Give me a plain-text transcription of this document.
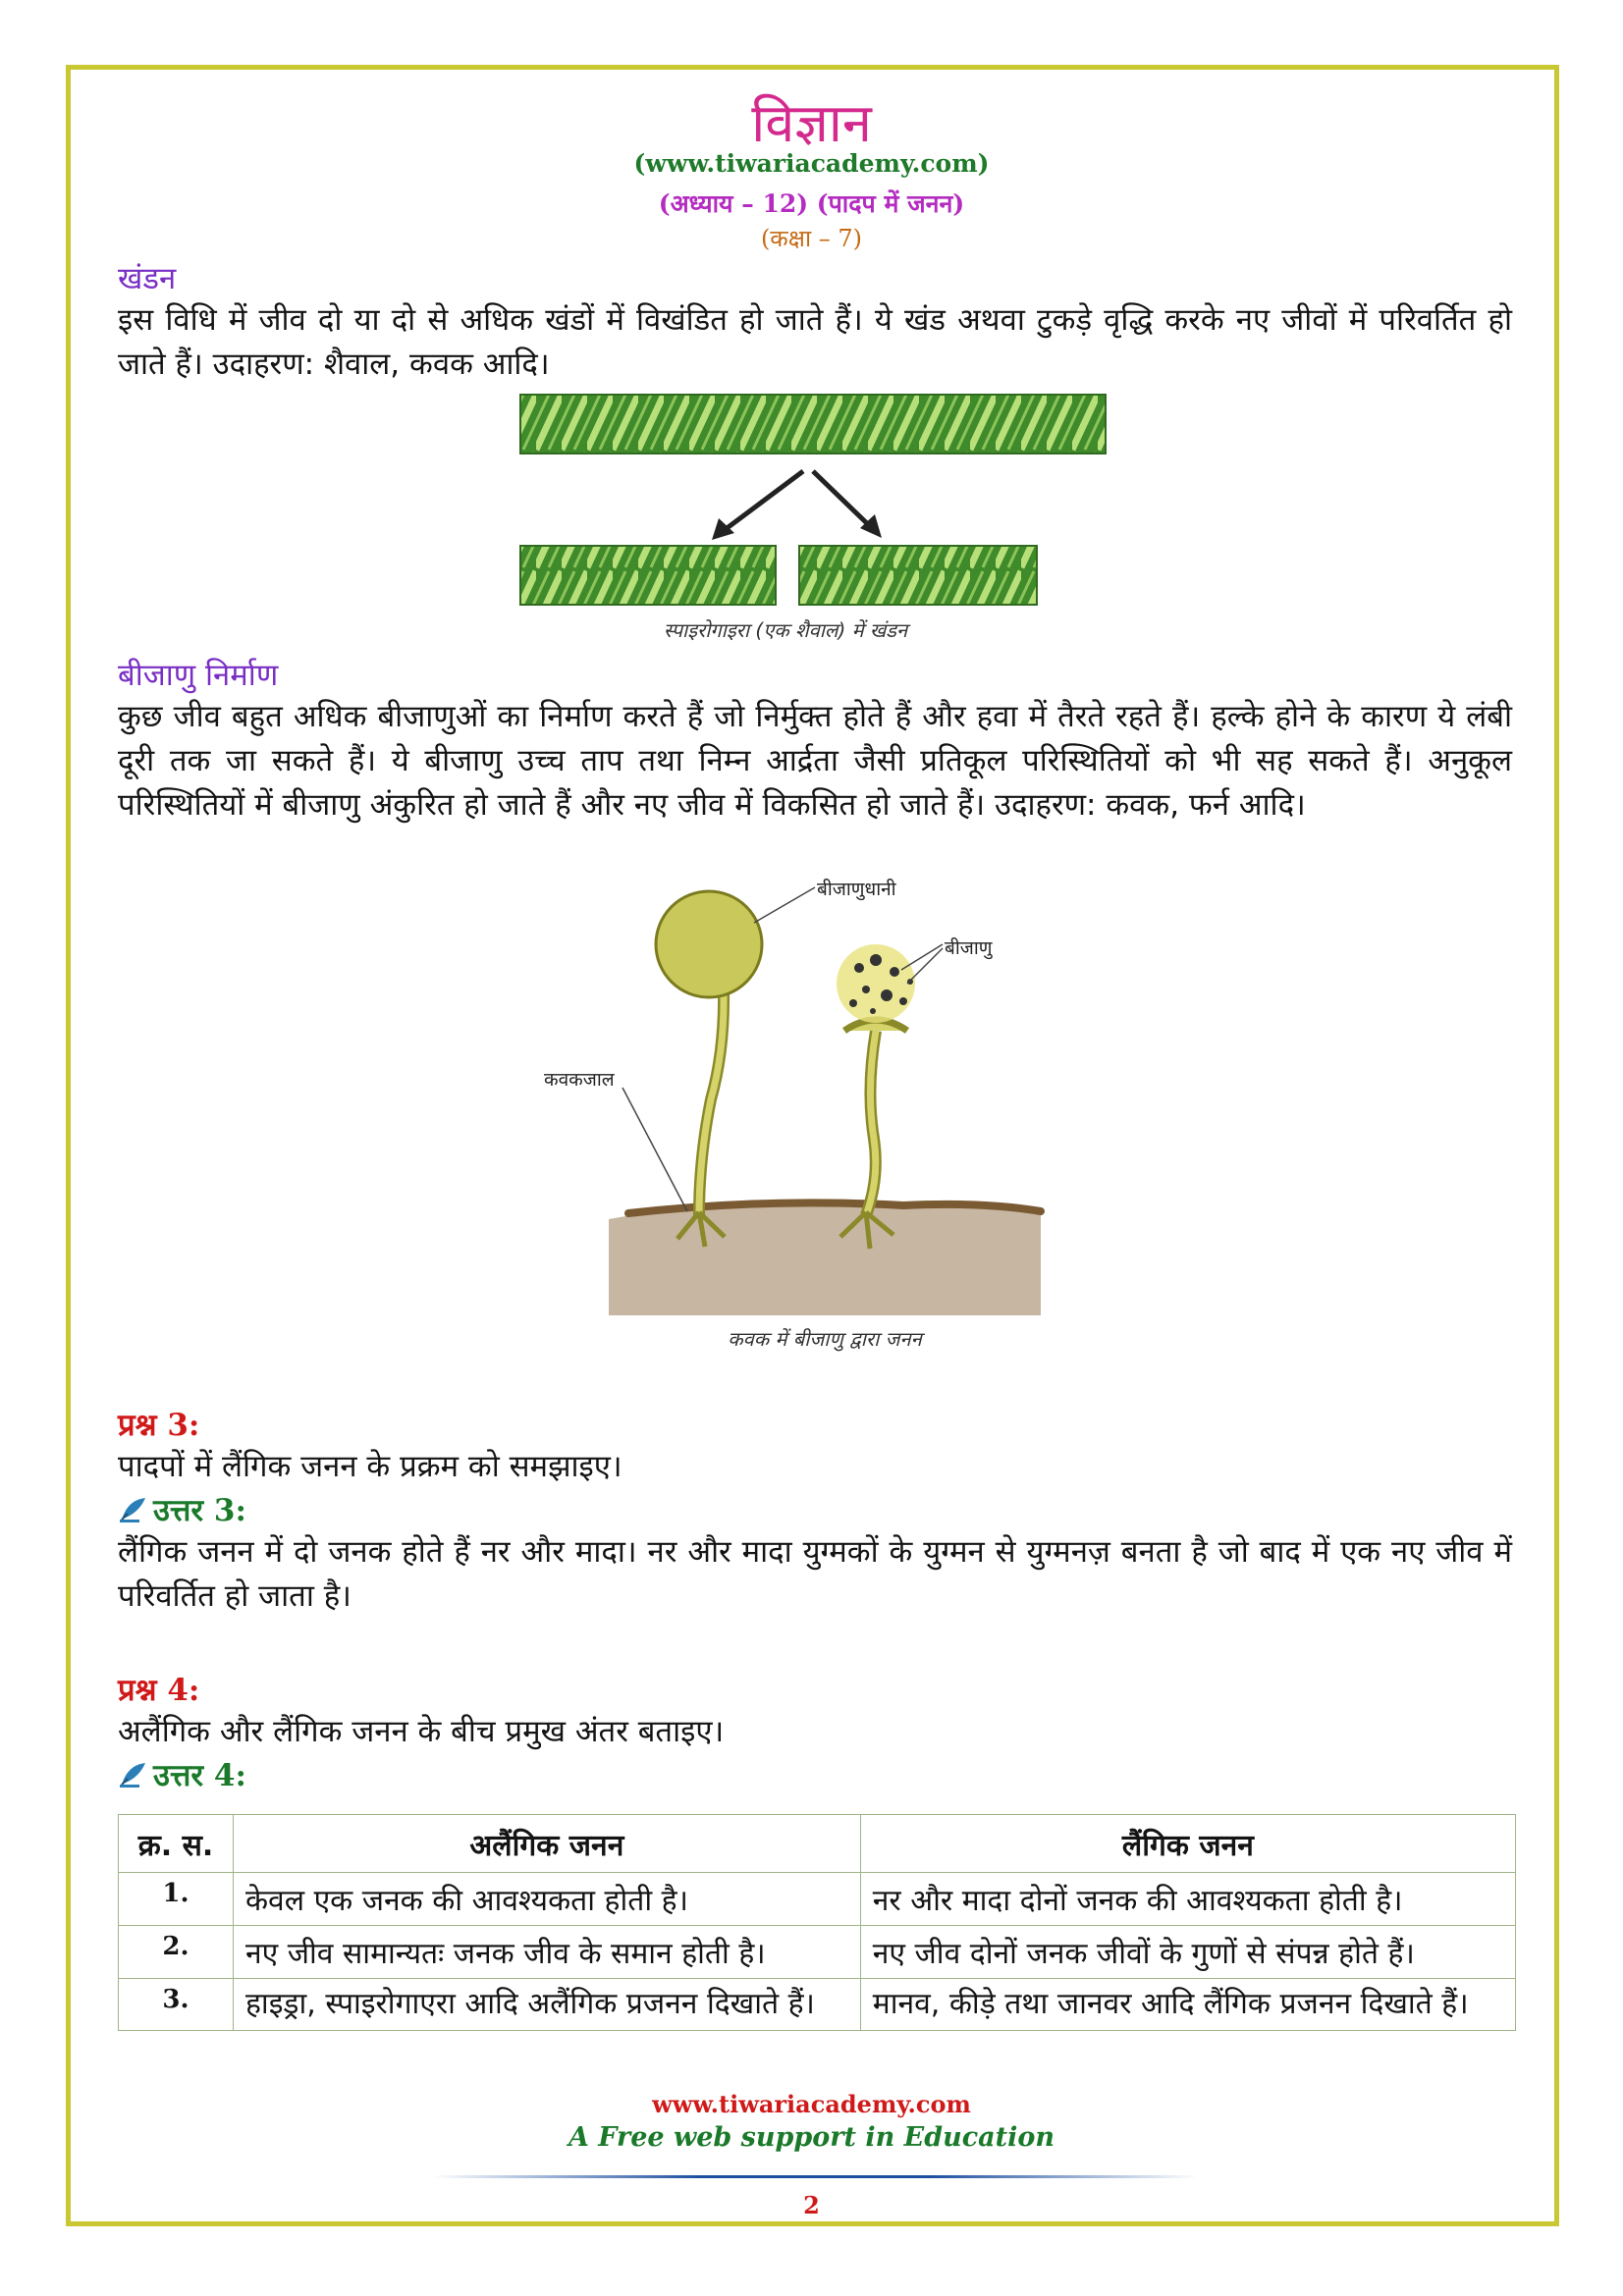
विज्ञान
(www.tiwariacademy.com)
(अध्याय – 12) (पादप में जनन)
(कक्षा – 7)
खंडन
इस विधि में जीव दो या दो से अधिक खंडों में विखंडित हो जाते हैं। ये खंड अथवा टुकड़े वृद्धि करके नए जीवों में परिवर्तित हो जाते हैं। उदाहरण: शैवाल, कवक आदि।
स्पाइरोगाइरा (एक शैवाल) में खंडन
बीजाणु निर्माण
कुछ जीव बहुत अधिक बीजाणुओं का निर्माण करते हैं जो निर्मुक्त होते हैं और हवा में तैरते रहते हैं। हल्के होने के कारण ये लंबी दूरी तक जा सकते हैं। ये बीजाणु उच्च ताप तथा निम्न आर्द्रता जैसी प्रतिकूल परिस्थितियों को भी सह सकते हैं। अनुकूल परिस्थितियों में बीजाणु अंकुरित हो जाते हैं और नए जीव में विकसित हो जाते हैं। उदाहरण: कवक, फर्न आदि।
बीजाणुधानी
बीजाणु
कवकजाल
कवक में बीजाणु द्वारा जनन
प्रश्न 3:
पादपों में लैंगिक जनन के प्रक्रम को समझाइए।
उत्तर 3:
लैंगिक जनन में दो जनक होते हैं नर और मादा। नर और मादा युग्मकों के युग्मन से युग्मनज़ बनता है जो बाद में एक नए जीव में परिवर्तित हो जाता है।
प्रश्न 4:
अलैंगिक और लैंगिक जनन के बीच प्रमुख अंतर बताइए।
उत्तर 4:
क्र. स.	अलैंगिक जनन	लैंगिक जनन
1.	केवल एक जनक की आवश्यकता होती है।	नर और मादा दोनों जनक की आवश्यकता होती है।
2.	नए जीव सामान्यतः जनक जीव के समान होती है।	नए जीव दोनों जनक जीवों के गुणों से संपन्न होते हैं।
3.	हाइड्रा, स्पाइरोगाएरा आदि अलैंगिक प्रजनन दिखाते हैं।	मानव, कीड़े तथा जानवर आदि लैंगिक प्रजनन दिखाते हैं।
www.tiwariacademy.com
A Free web support in Education
2
